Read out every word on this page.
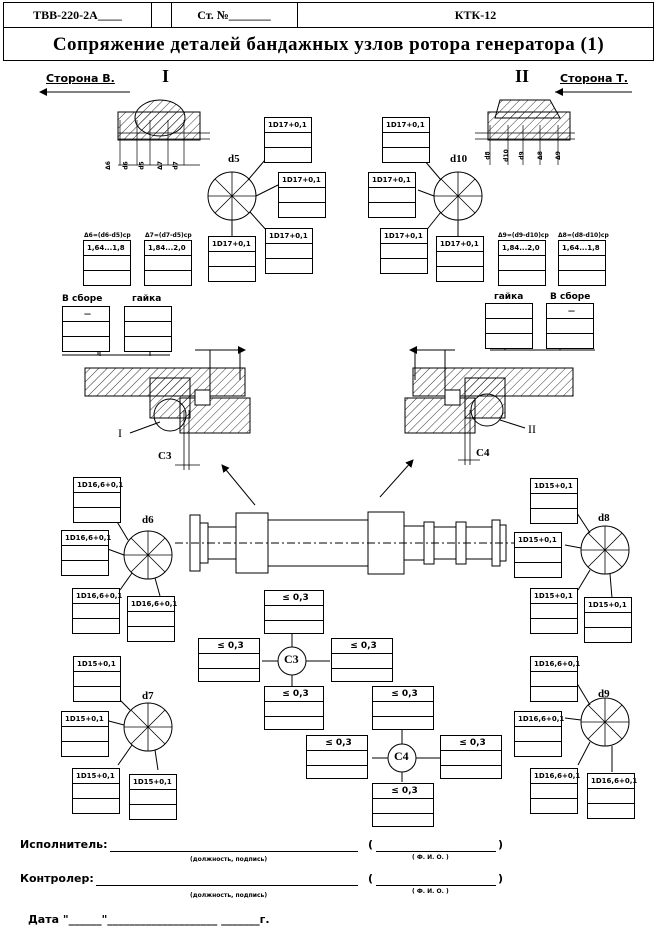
ТВВ-220-2А____	Ст. №_______	КТК-12
Сопряжение деталей бандажных узлов ротора генератора (1)
Сторона В.	Сторона Т.
I	II
Δ6 d6 d5 Δ7 d7
d8 d10 d9 Δ8 Δ9
d5	d10
1D17+0,1
1D17+0,1
1D17+0,1
1D17+0,1
Δ6=(d6-d5)ср Δ7=(d7-d5)ср
1,64...1,8	1,84...2,0
1D17+0,1
1D17+0,1
1D17+0,1
1D17+0,1
Δ9=(d9-d10)ср Δ8=(d8-d10)ср
1,84...2,0	1,64...1,8
В сборе	гайка
—
гайка	В сборе
—
I	II
C3	C4
d6	d8
d7	d9
1D16,6+0,1
1D16,6+0,1
1D16,6+0,1
1D16,6+0,1
1D15+0,1
1D15+0,1
1D15+0,1
1D15+0,1
1D15+0,1
1D15+0,1
1D15+0,1
1D15+0,1
1D16,6+0,1
1D16,6+0,1
1D16,6+0,1
1D16,6+0,1
C3
C4
≤ 0,3
≤ 0,3	≤ 0,3
≤ 0,3	≤ 0,3
≤ 0,3	≤ 0,3
≤ 0,3
Исполнитель:	(	)
(должность, подпись)	( Ф. И. О. )
Контролер:	(	)
(должность, подпись)
( Ф. И. О. )
Дата "______"____________________ _______г.
